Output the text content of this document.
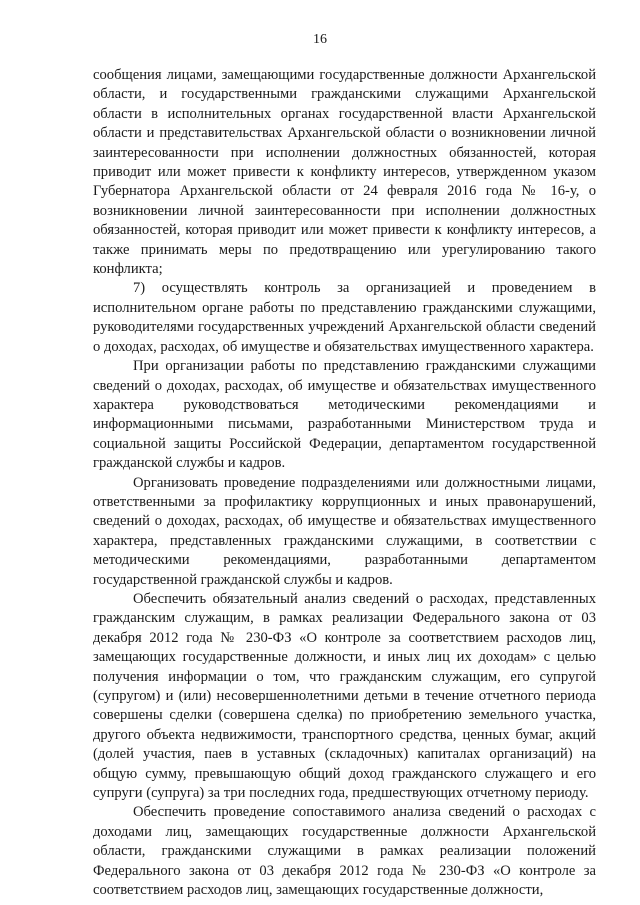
16

сообщения лицами, замещающими государственные должности Архангельской области, и государственными гражданскими служащими Архангельской области в исполнительных органах государственной власти Архангельской области и представительствах Архангельской области о возникновении личной заинтересованности при исполнении должностных обязанностей, которая приводит или может привести к конфликту интересов, утвержденном указом Губернатора Архангельской области от 24 февраля 2016 года № 16-у, о возникновении личной заинтересованности при исполнении должностных обязанностей, которая приводит или может привести к конфликту интересов, а также принимать меры по предотвращению или урегулированию такого конфликта;

7) осуществлять контроль за организацией и проведением в исполнительном органе работы по представлению гражданскими служащими, руководителями государственных учреждений Архангельской области сведений о доходах, расходах, об имуществе и обязательствах имущественного характера.

При организации работы по представлению гражданскими служащими сведений о доходах, расходах, об имуществе и обязательствах имущественного характера руководствоваться методическими рекомендациями и информационными письмами, разработанными Министерством труда и социальной защиты Российской Федерации, департаментом государственной гражданской службы и кадров.

Организовать проведение подразделениями или должностными лицами, ответственными за профилактику коррупционных и иных правонарушений, сведений о доходах, расходах, об имуществе и обязательствах имущественного характера, представленных гражданскими служащими, в соответствии с методическими рекомендациями, разработанными департаментом государственной гражданской службы и кадров.

Обеспечить обязательный анализ сведений о расходах, представленных гражданским служащим, в рамках реализации Федерального закона от 03 декабря 2012 года № 230-ФЗ «О контроле за соответствием расходов лиц, замещающих государственные должности, и иных лиц их доходам» с целью получения информации о том, что гражданским служащим, его супругой (супругом) и (или) несовершеннолетними детьми в течение отчетного периода совершены сделки (совершена сделка) по приобретению земельного участка, другого объекта недвижимости, транспортного средства, ценных бумаг, акций (долей участия, паев в уставных (складочных) капиталах организаций) на общую сумму, превышающую общий доход гражданского служащего и его супруги (супруга) за три последних года, предшествующих отчетному периоду.

Обеспечить проведение сопоставимого анализа сведений о расходах с доходами лиц, замещающих государственные должности Архангельской области, гражданскими служащими в рамках реализации положений Федерального закона от 03 декабря 2012 года № 230-ФЗ «О контроле за соответствием расходов лиц, замещающих государственные должности,
